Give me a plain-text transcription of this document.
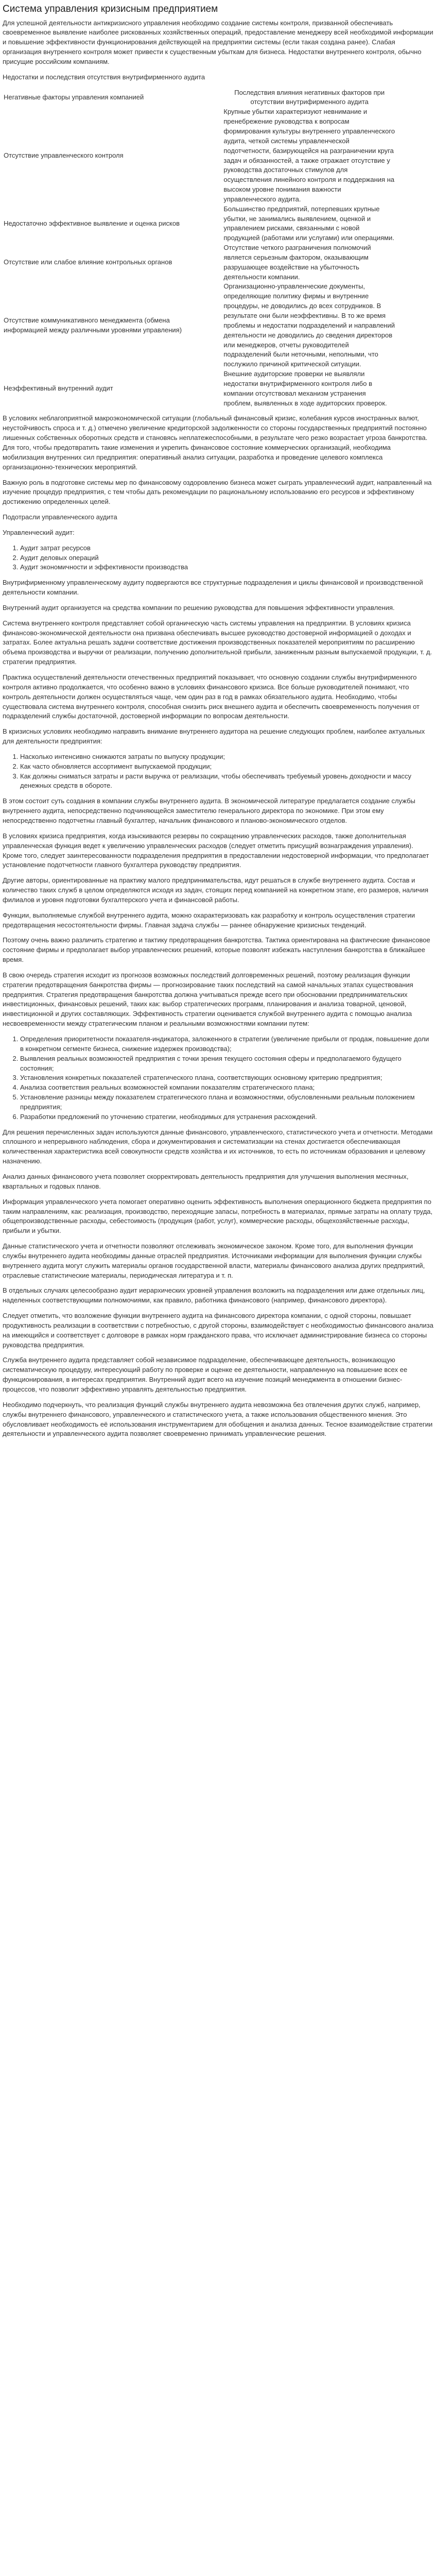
Система управления кризисным предприятием

Для успешной деятельности антикризисного управления необходимо создание системы контроля, призванной обеспечивать своевременное выявление наиболее рискованных хозяйственных операций, предоставление менеджеру всей необходимой информации и повышение эффективности функционирования действующей на предприятии системы (если такая создана ранее). Слабая организация внутреннего контроля может привести к существенным убыткам для бизнеса. Недостатки внутреннего контроля, обычно присущие российским компаниям.

Недостатки и последствия отсутствия внутрифирменного аудита

Негативные факторы управления компанией	Последствия влияния негативных факторов при отсутствии внутрифирменного аудита
Отсутствие управленческого контроля	Крупные убытки характеризуют невнимание и пренебрежение руководства к вопросам формирования культуры внутреннего управленческого аудита, четкой системы управленческой подотчетности, базирующейся на разграничении круга задач и обязанностей, а также отражает отсутствие у руководства достаточных стимулов для осуществления линейного контроля и поддержания на высоком уровне понимания важности управленческого аудита.
Недостаточно эффективное выявление и оценка рисков	Большинство предприятий, потерпевших крупные убытки, не занимались выявлением, оценкой и управлением рисками, связанными с новой продукцией (работами или услугами) или операциями.
Отсутствие или слабое влияние контрольных органов	Отсутствие четкого разграничения полномочий является серьезным фактором, оказывающим разрушающее воздействие на убыточность деятельности компании.
Отсутствие коммуникативного менеджмента (обмена информацией между различными уровнями управления)	Организационно-управленческие документы, определяющие политику фирмы и внутренние процедуры, не доводились до всех сотрудников. В результате они были неэффективны. В то же время проблемы и недостатки подразделений и направлений деятельности не доводились до сведения директоров или менеджеров, отчеты руководителей подразделений были неточными, неполными, что послужило причиной критической ситуации.
Неэффективный внутренний аудит	Внешние аудиторские проверки не выявляли недостатки внутрифирменного контроля либо в компании отсутствовал механизм устранения проблем, выявленных в ходе аудиторских проверок.

В условиях неблагоприятной макроэкономической ситуации (глобальный финансовый кризис, колебания курсов иностранных валют, неустойчивость спроса и т. д.) отмечено увеличение кредиторской задолженности со стороны государственных предприятий постоянно лишенных собственных оборотных средств и становясь неплатежеспособными, в результате чего резко возрастает угроза банкротства. Для того, чтобы предотвратить такие изменения и укрепить финансовое состояние коммерческих организаций, необходима мобилизация внутренних сил предприятия: оперативный анализ ситуации, разработка и проведение целевого комплекса организационно-технических мероприятий.

Важную роль в подготовке системы мер по финансовому оздоровлению бизнеса может сыграть управленческий аудит, направленный на изучение процедур предприятия, с тем чтобы дать рекомендации по рациональному использованию его ресурсов и эффективному достижению определенных целей.

Подотрасли управленческого аудита

Управленческий аудит:

1. Аудит затрат ресурсов
2. Аудит деловых операций
3. Аудит экономичности и эффективности производства

Внутрифирменному управленческому аудиту подвергаются все структурные подразделения и циклы финансовой и производственной деятельности компании.

Внутренний аудит организуется на средства компании по решению руководства для повышения эффективности управления.

Система внутреннего контроля представляет собой органическую часть системы управления на предприятии. В условиях кризиса финансово-экономической деятельности она призвана обеспечивать высшее руководство достоверной информацией о доходах и затратах. Более актуальна решать задачи соответствие достижения производственных показателей мероприятиям по расширению объема производства и выручки от реализации, получению дополнительной прибыли, заниженным разным выпускаемой продукции, т. д. стратегии предприятия.

Практика осуществлений деятельности отечественных предприятий показывает, что основную создании службы внутрифирменного контроля активно продолжается, что особенно важно в условиях финансового кризиса. Все больше руководителей понимают, что контроль деятельности должен осуществляться чаще, чем один раз в год в рамках обязательного аудита. Необходимо, чтобы существовала система внутреннего контроля, способная снизить риск внешнего аудита и обеспечить своевременность получения от подразделений службы достаточной, достоверной информации по вопросам деятельности.

В кризисных условиях необходимо направить внимание внутреннего аудитора на решение следующих проблем, наиболее актуальных для деятельности предприятия:

1. Насколько интенсивно снижаются затраты по выпуску продукции;
2. Как часто обновляется ассортимент выпускаемой продукции;
3. Как должны сниматься затраты и расти выручка от реализации, чтобы обеспечивать требуемый уровень доходности и массу денежных средств в обороте.

В этом состоит суть создания в компании службы внутреннего аудита. В экономической литературе предлагается создание службы внутреннего аудита, непосредственно подчиняющейся заместителю генерального директора по экономике. При этом ему непосредственно подотчетны главный бухгалтер, начальник финансового и планово-экономического отделов.

В условиях кризиса предприятия, когда изыскиваются резервы по сокращению управленческих расходов, также дополнительная управленческая функция ведет к увеличению управленческих расходов (следует отметить присущий вознаграждения управления). Кроме того, следует заинтересованности подразделения предприятия в предоставлении недостоверной информации, что предполагает установление подотчетности главного бухгалтера руководству предприятия.

Другие авторы, ориентированные на практику малого предпринимательства, идут решаться в службе внутреннего аудита. Состав и количество таких служб в целом определяются исходя из задач, стоящих перед компанией на конкретном этапе, его размеров, наличия филиалов и уровня подготовки бухгалтерского учета и финансовой работы.

Функции, выполняемые службой внутреннего аудита, можно охарактеризовать как разработку и контроль осуществления стратегии предотвращения несостоятельности фирмы. Главная задача службы — раннее обнаружение кризисных тенденций.

Поэтому очень важно различить стратегию и тактику предотвращения банкротства. Тактика ориентирована на фактические финансовое состояние фирмы и предполагает выбор управленческих решений, которые позволят избежать наступления банкротства в ближайшее время.

В свою очередь стратегия исходит из прогнозов возможных последствий долговременных решений, поэтому реализация функции стратегии предотвращения банкротства фирмы — прогнозирование таких последствий на самой начальных этапах существования предприятия. Стратегия предотвращения банкротства должна учитываться прежде всего при обосновании предпринимательских инвестиционных, финансовых решений, таких как: выбор стратегических программ, планирования и анализа товарной, ценовой, инвестиционной и других составляющих. Эффективность стратегии оценивается службой внутреннего аудита с помощью анализа несвоевременности между стратегическим планом и реальными возможностями компании путем:

1. Определения приоритетности показателя-индикатора, заложенного в стратегии (увеличение прибыли от продаж, повышение доли в конкретном сегменте бизнеса, снижение издержек производства);
2. Выявления реальных возможностей предприятия с точки зрения текущего состояния сферы и предполагаемого будущего состояния;
3. Установления конкретных показателей стратегического плана, соответствующих основному критерию предприятия;
4. Анализа соответствия реальных возможностей компании показателям стратегического плана;
5. Установление разницы между показателем стратегического плана и возможностями, обусловленными реальным положением предприятия;
6. Разработки предложений по уточнению стратегии, необходимых для устранения расхождений.

Для решения перечисленных задач используются данные финансового, управленческого, статистического учета и отчетности. Методами сплошного и непрерывного наблюдения, сбора и документирования и систематизации на стенах достигается обеспечивающая количественная характеристика всей совокупности средств хозяйства и их источников, то есть по источникам образования и целевому назначению.

Анализ данных финансового учета позволяет скорректировать деятельность предприятия для улучшения выполнения месячных, квартальных и годовых планов.

Информация управленческого учета помогает оперативно оценить эффективность выполнения операционного бюджета предприятия по таким направлениям, как: реализация, производство, переходящие запасы, потребность в материалах, прямые затраты на оплату труда, общепроизводственные расходы, себестоимость (продукция (работ, услуг), коммерческие расходы, общехозяйственные расходы, прибыли и убытки.

Данные статистического учета и отчетности позволяют отслеживать экономическое законом. Кроме того, для выполнения функции службы внутреннего аудита необходимы данные отраслей предприятия. Источниками информации для выполнения функции службы внутреннего аудита могут служить материалы органов государственной власти, материалы финансового анализа других предприятий, отраслевые статистические материалы, периодическая литература и т. п.

В отдельных случаях целесообразно аудит иерархических уровней управления возложить на подразделения или даже отдельных лиц, наделенных соответствующими полномочиями, как правило, работника финансового (например, финансового директора).

Следует отметить, что возложение функции внутреннего аудита на финансового директора компании, с одной стороны, повышает продуктивность реализации в соответствии с потребностью, с другой стороны, взаимодействует с необходимостью финансового анализа на имеющийся и соответствует с долговоре в рамках норм гражданского права, что исключает администрирование бизнеса со стороны руководства предприятия.

Служба внутреннего аудита представляет собой независимое подразделение, обеспечивающее деятельность, возникающую систематическую процедуру, интересующий работу по проверке и оценке ее деятельности, направленную на повышение всех ее функционирования, в интересах предприятия. Внутренний аудит всего на изучение позиций менеджмента в отношении бизнес-процессов, что позволит эффективно управлять деятельностью предприятия.

Необходимо подчеркнуть, что реализация функций службы внутреннего аудита невозможна без отвлечения других служб, например, службы внутреннего финансового, управленческого и статистического учета, а также использования общественного мнения. Это обусловливает необходимость её использования инструментарием для обобщения и анализа данных. Тесное взаимодействие стратегии деятельности и управленческого аудита позволяет своевременно принимать управленческие решения.
